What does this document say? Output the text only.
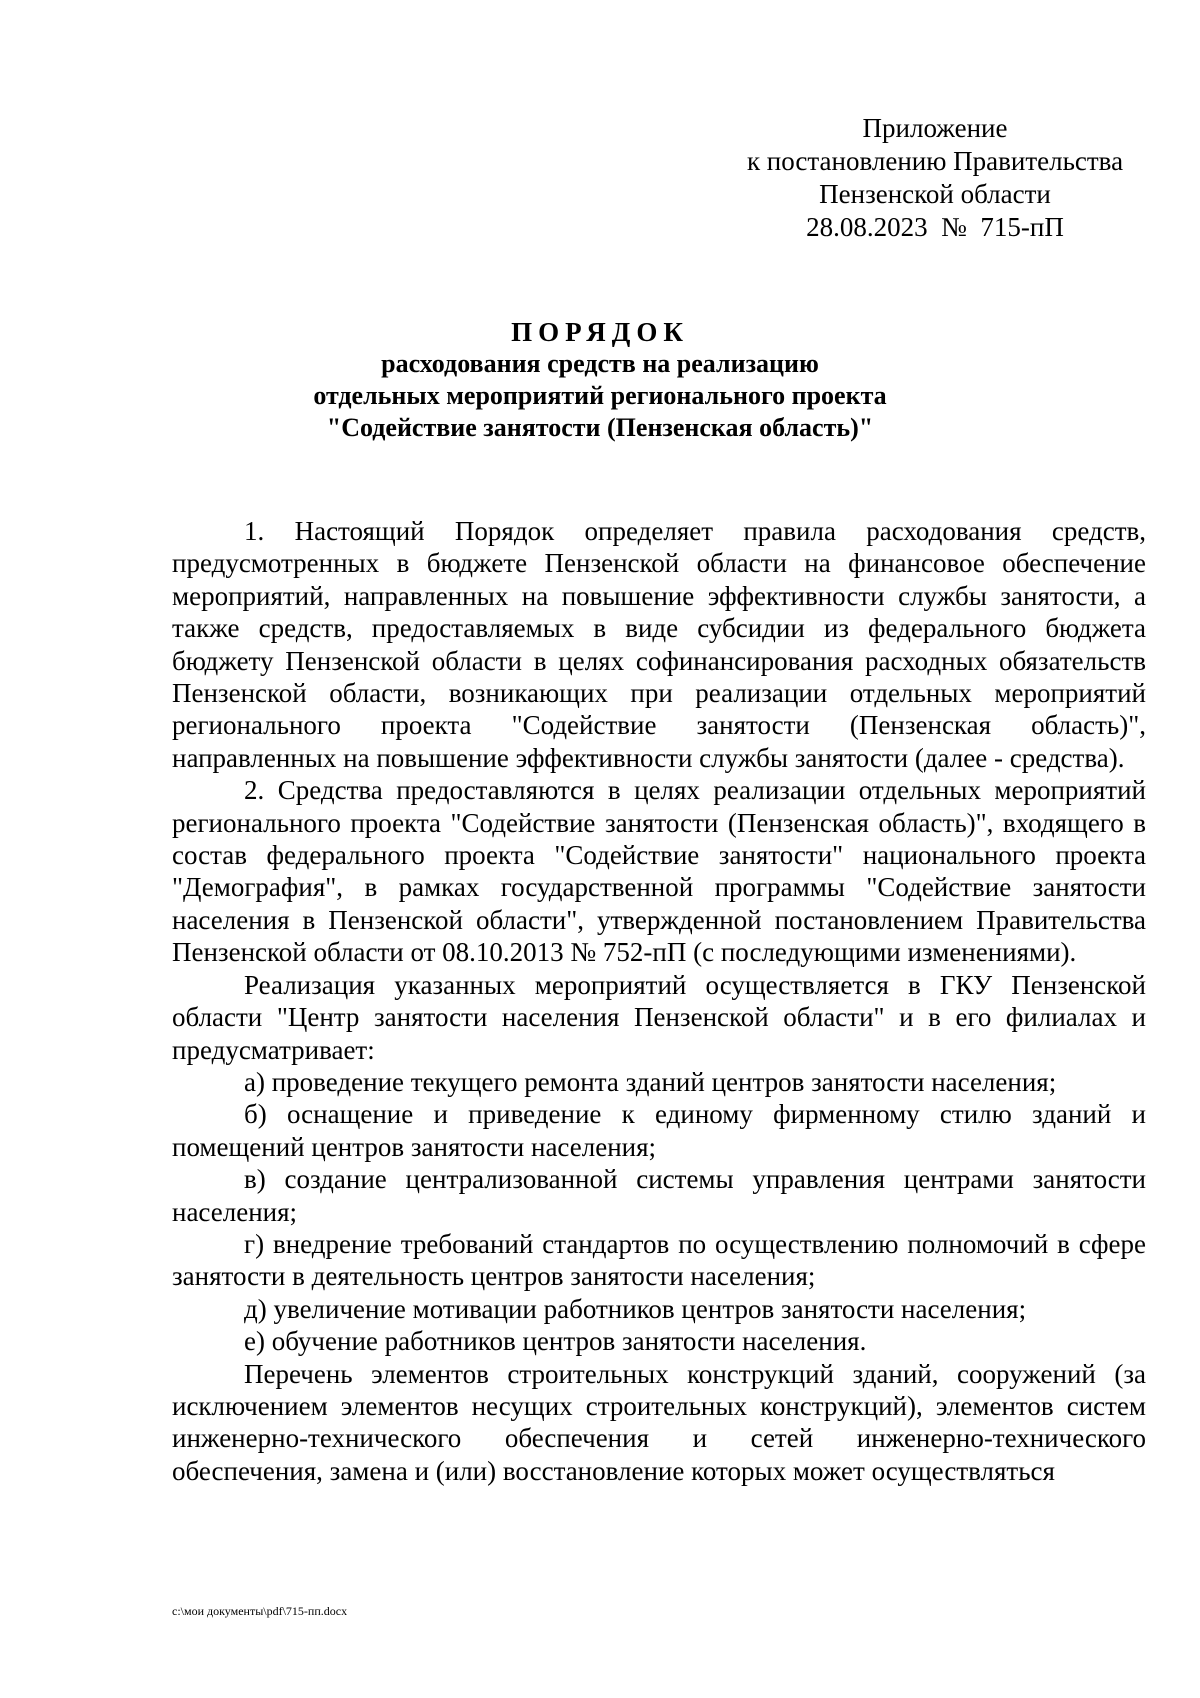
Приложение
к постановлению Правительства
Пензенской области
28.08.2023  №  715-пП
ПОРЯДОК
расходования средств на реализацию
отдельных мероприятий регионального проекта
"Содействие занятости (Пензенская область)"

1. Настоящий Порядок определяет правила расходования средств, предусмотренных в бюджете Пензенской области на финансовое обеспечение мероприятий, направленных на повышение эффективности службы занятости, а также средств, предоставляемых в виде субсидии из федерального бюджета бюджету Пензенской области в целях софинансирования расходных обязательств Пензенской области, возникающих при реализации отдельных мероприятий регионального проекта "Содействие занятости (Пензенская область)", направленных на повышение эффективности службы занятости (далее - средства).

2. Средства предоставляются в целях реализации отдельных мероприятий регионального проекта "Содействие занятости (Пензенская область)", входящего в состав федерального проекта "Содействие занятости" национального проекта "Демография", в рамках государственной программы "Содействие занятости населения в Пензенской области", утвержденной постановлением Правительства Пензенской области от 08.10.2013 № 752-пП (с последующими изменениями).

Реализация указанных мероприятий осуществляется в ГКУ Пензенской области "Центр занятости населения Пензенской области" и в его филиалах и предусматривает:

а) проведение текущего ремонта зданий центров занятости населения;

б) оснащение и приведение к единому фирменному стилю зданий и помещений центров занятости населения;

в) создание централизованной системы управления центрами занятости населения;

г) внедрение требований стандартов по осуществлению полномочий в сфере занятости в деятельность центров занятости населения;

д) увеличение мотивации работников центров занятости населения;

е) обучение работников центров занятости населения.

Перечень элементов строительных конструкций зданий, сооружений (за исключением элементов несущих строительных конструкций), элементов систем инженерно-технического обеспечения и сетей инженерно-технического обеспечения, замена и (или) восстановление которых может осуществляться

c:\мои документы\pdf\715-пп.docx
